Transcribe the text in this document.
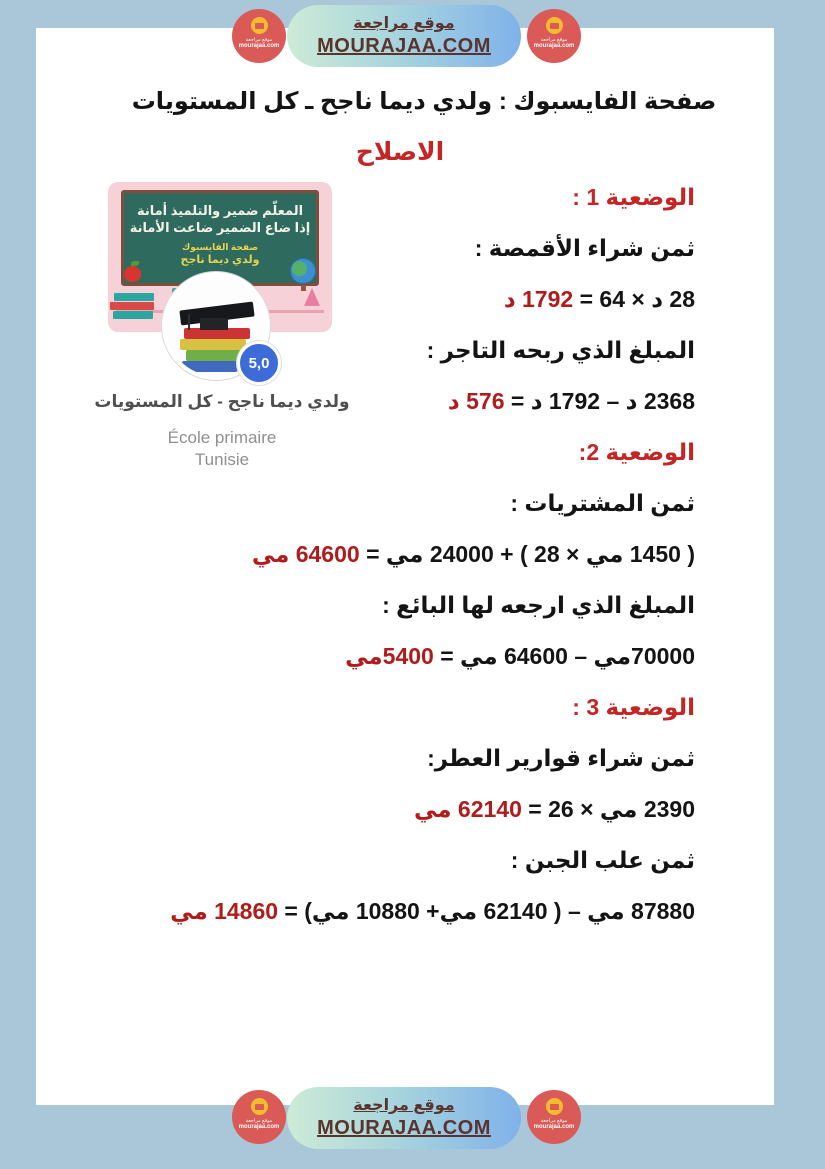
موقع مراجعة
mourajaa.com
موقع مراجعة
MOURAJAA.COM	موقع مراجعة
mourajaa.com
صفحة الفايسبوك : ولدي ديما ناجح ـ كل المستويات
الاصلاح
المعلّم ضمير والتلميذ أمانة
إذا ضاع الضمير ضاعت الأمانة
صفحة الفايسبوك
ولدي ديما ناجح
5,0
ولدي ديما ناجح - كل المستويات
École primaire
Tunisie
الوضعية 1 :
ثمن شراء الأقمصة :
28 د × 64 = 1792 د
المبلغ الذي ربحه التاجر :
2368 د – 1792 د = 576 د
الوضعية 2:
ثمن المشتريات :
( 1450 مي × 28 ) + 24000 مي = 64600 مي
المبلغ الذي ارجعه لها البائع :
70000مي – 64600 مي = 5400مي
الوضعية 3 :
ثمن شراء قوارير العطر:
2390 مي × 26 = 62140 مي
ثمن علب الجبن :
87880 مي – ( 62140 مي+ 10880 مي) = 14860 مي
موقع مراجعة
mourajaa.com
موقع مراجعة
MOURAJAA.COM	موقع مراجعة
mourajaa.com
